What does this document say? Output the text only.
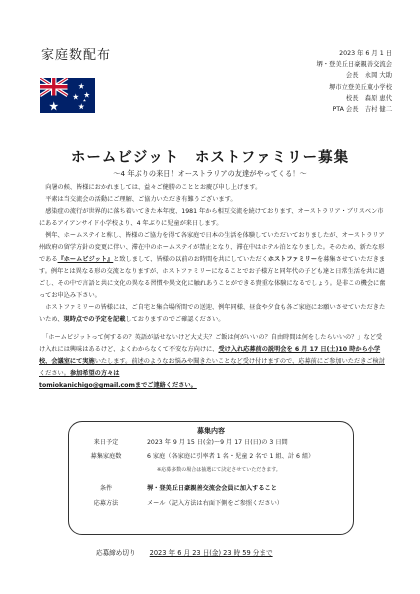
家庭数配布	2023 年 6 月 1 日
堺・登美丘日豪親善交流会
会長　永岡 大助
堺市立登美丘東小学校
校長　森原 恵代
PTA 会長　吉村 健二
ホームビジット　ホストファミリー募集
～4 年ぶりの来日！オーストラリアの友達がやってくる！～

　向暑の候、皆様におかれましては、益々ご健勝のこととお慶び申し上げます。

　平素は当交流会の活動にご理解、ご協力いただき有難うございます。

　感染症の流行が世界的に落ち着いてきた本年度、1981 年から相互交流を続けております、オーストラリア・ブリスベン市にあるアイアンサイド小学校より、4 年ぶりに児童が来日します。

　例年、ホームステイと称し、皆様のご協力を得て各家庭で日本の生活を体験していただいておりましたが、オーストラリア州政府の留学方針の変更に伴い、滞在中のホームステイが禁止となり、滞在中はホテル泊となりました。そのため、新たな形である『ホームビジット』と致しまして、皆様の以前のお時間を共にしていただくホストファミリーを募集させていただきます。例年とは異なる形の交流となりますが、ホストファミリーになることでお子様方と同年代の子ども達と日常生活を共に過ごし、その中で言語と共に文化の異なる習慣や異文化に触れあうことができる貴重な体験になるでしょう。是非この機会に奮ってお申込み下さい。

　ホストファミリーの皆様には、ご自宅と集合場所間での送迎、例年同様、昼食や夕食も各ご家庭にお願いさせていただきたいため、現時点での予定を記載しておりますのでご確認ください。

　「ホームビジットって何するの？英語が話せないけど大丈夫？ご飯は何がいいの？自由時間は何をしたらいいの？」など受け入れには興味はあるけど、よくわからなくて不安な方向けに、受け入れ応募前の説明会を 6 月 17 日(土)10 時から小学校、会議室にて実施いたします。前述のようなお悩みや聞きたいことなど受け付けますので、応募前にご参加いただきご検討ください。参加希望の方々は
tomiokanichigo@gmail.comまでご連絡ください。

募集内容
来日予定	2023 年 9 月 15 日(金)～9 月 17 日(日)の 3 日間
募集家庭数	6 家庭（各家庭に引率者 1 名・児童 2 名で 1 組、計 6 組）
※応募多数の場合は抽選にて決定させていただきます。
条件	堺・登美丘日豪親善交流会会員に加入すること
応募方法	メール（記入方法は右面下側をご参照ください）
応募締め切り 2023 年 6 月 23 日(金) 23 時 59 分まで
